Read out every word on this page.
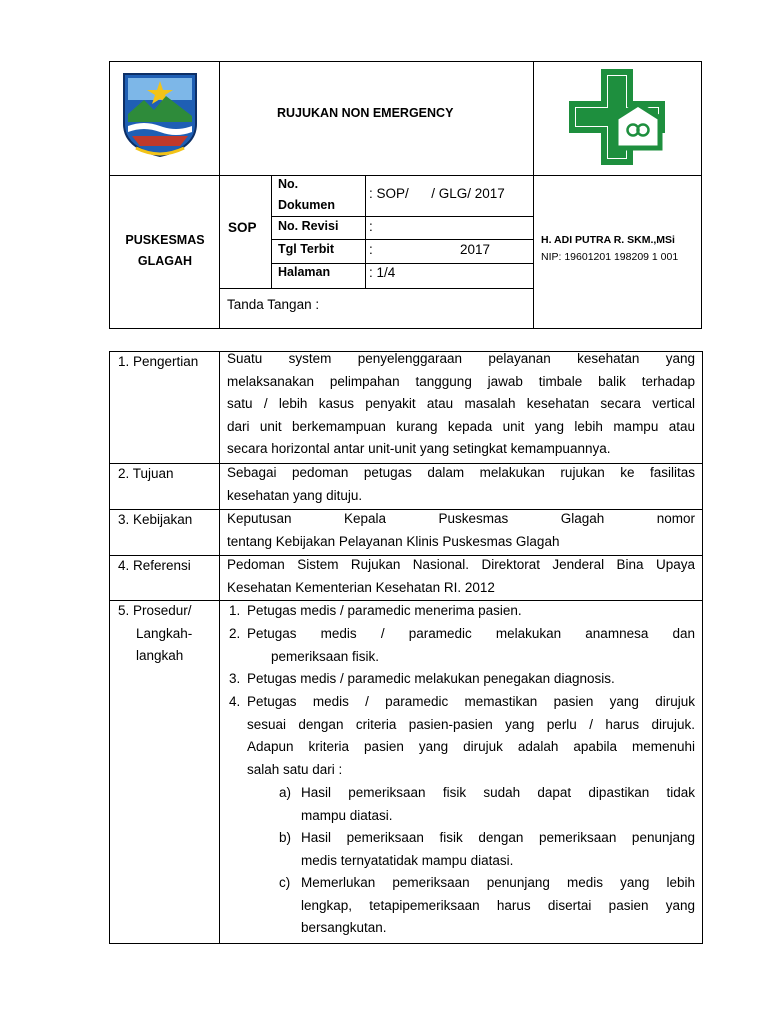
RUJUKAN NON EMERGENCY
PUSKESMAS
GLAGAH
SOP
No.
Dokumen
: SOP/      / GLG/ 2017
No. Revisi :
Tgl Terbit	:	2017
Halaman	: 1/4
Tanda Tangan :
H. ADI PUTRA R. SKM.,MSi
NIP: 19601201 198209 1 001
1. Pengertian Suatu system penyelenggaraan pelayanan kesehatan yang
melaksanakan pelimpahan tanggung jawab timbale balik terhadap
satu / lebih kasus penyakit atau masalah kesehatan secara vertical
dari unit berkemampuan kurang kepada unit yang lebih mampu atau
secara horizontal antar unit-unit yang setingkat kemampuannya.
2. Tujuan	Sebagai pedoman petugas dalam melakukan rujukan ke fasilitas
kesehatan yang dituju.
3. Kebijakan	Keputusan Kepala Puskesmas Glagah nomor
tentang Kebijakan Pelayanan Klinis Puskesmas Glagah
4. Referensi	Pedoman Sistem Rujukan Nasional. Direktorat Jenderal Bina Upaya
Kesehatan Kementerian Kesehatan RI. 2012
5. Prosedur/
Langkah-
langkah
1. Petugas medis / paramedic menerima pasien.
2. Petugas medis / paramedic melakukan anamnesa dan
pemeriksaan fisik.
3. Petugas medis / paramedic melakukan penegakan diagnosis.
4. Petugas medis / paramedic memastikan pasien yang dirujuk
sesuai dengan criteria pasien-pasien yang perlu / harus dirujuk.
Adapun kriteria pasien yang dirujuk adalah apabila memenuhi
salah satu dari :
a) Hasil pemeriksaan fisik sudah dapat dipastikan tidak
mampu diatasi.
b) Hasil pemeriksaan fisik dengan pemeriksaan penunjang
medis ternyatatidak mampu diatasi.
c) Memerlukan pemeriksaan penunjang medis yang lebih
lengkap, tetapipemeriksaan harus disertai pasien yang
bersangkutan.
